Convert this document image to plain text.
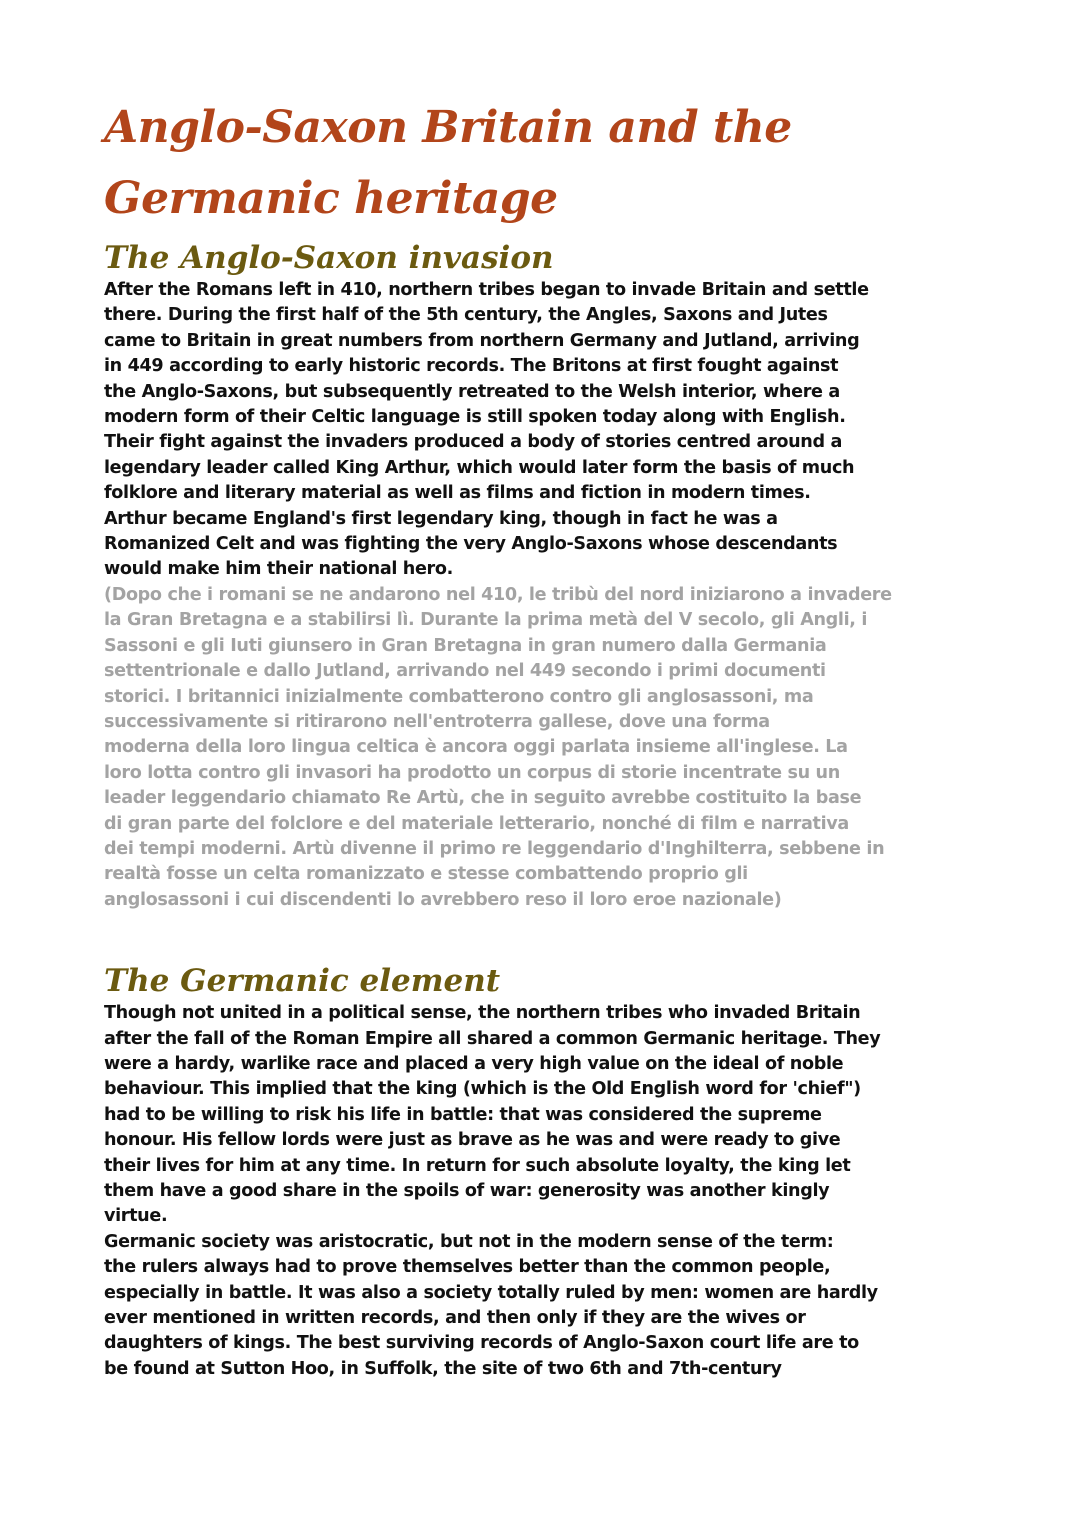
Anglo-Saxon Britain and the
Germanic heritage
The Anglo-Saxon invasion

After the Romans left in 410, northern tribes began to invade Britain and settle
there. During the first half of the 5th century, the Angles, Saxons and Jutes
came to Britain in great numbers from northern Germany and Jutland, arriving
in 449 according to early historic records. The Britons at first fought against
the Anglo-Saxons, but subsequently retreated to the Welsh interior, where a
modern form of their Celtic language is still spoken today along with English.
Their fight against the invaders produced a body of stories centred around a
legendary leader called King Arthur, which would later form the basis of much
folklore and literary material as well as films and fiction in modern times.
Arthur became England's first legendary king, though in fact he was a
Romanized Celt and was fighting the very Anglo-Saxons whose descendants
would make him their national hero.

(Dopo che i romani se ne andarono nel 410, le tribù del nord iniziarono a invadere
la Gran Bretagna e a stabilirsi lì. Durante la prima metà del V secolo, gli Angli, i
Sassoni e gli Iuti giunsero in Gran Bretagna in gran numero dalla Germania
settentrionale e dallo Jutland, arrivando nel 449 secondo i primi documenti
storici. I britannici inizialmente combatterono contro gli anglosassoni, ma
successivamente si ritirarono nell'entroterra gallese, dove una forma
moderna della loro lingua celtica è ancora oggi parlata insieme all'inglese. La
loro lotta contro gli invasori ha prodotto un corpus di storie incentrate su un
leader leggendario chiamato Re Artù, che in seguito avrebbe costituito la base
di gran parte del folclore e del materiale letterario, nonché di film e narrativa
dei tempi moderni. Artù divenne il primo re leggendario d'Inghilterra, sebbene in
realtà fosse un celta romanizzato e stesse combattendo proprio gli
anglosassoni i cui discendenti lo avrebbero reso il loro eroe nazionale)

The Germanic element

Though not united in a political sense, the northern tribes who invaded Britain
after the fall of the Roman Empire all shared a common Germanic heritage. They
were a hardy, warlike race and placed a very high value on the ideal of noble
behaviour. This implied that the king (which is the Old English word for 'chief")
had to be willing to risk his life in battle: that was considered the supreme
honour. His fellow lords were just as brave as he was and were ready to give
their lives for him at any time. In return for such absolute loyalty, the king let
them have a good share in the spoils of war: generosity was another kingly
virtue.
Germanic society was aristocratic, but not in the modern sense of the term:
the rulers always had to prove themselves better than the common people,
especially in battle. It was also a society totally ruled by men: women are hardly
ever mentioned in written records, and then only if they are the wives or
daughters of kings. The best surviving records of Anglo-Saxon court life are to
be found at Sutton Hoo, in Suffolk, the site of two 6th and 7th-century
